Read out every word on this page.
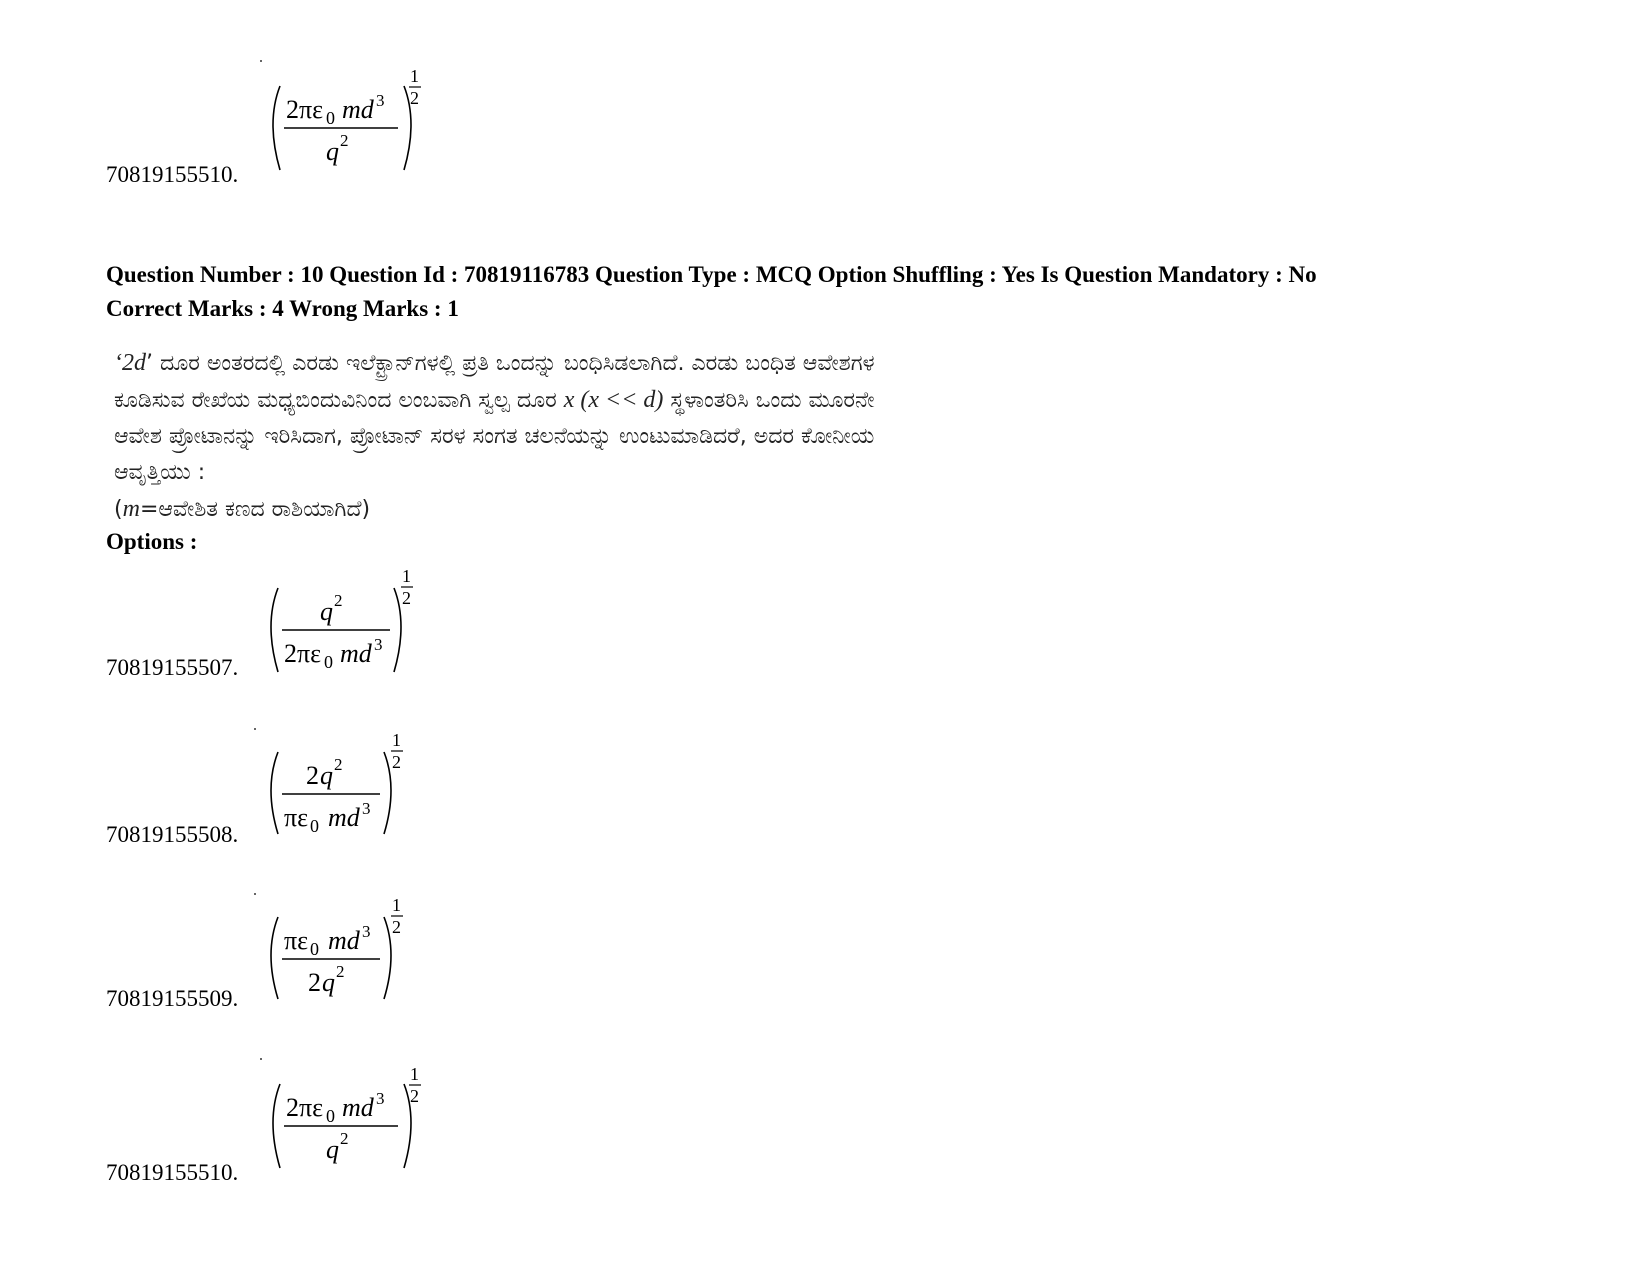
2πε 0 md 3
q 2
1
2
70819155510.
Question Number : 10 Question Id : 70819116783 Question Type : MCQ Option Shuffling : Yes Is Question Mandatory : No
Correct Marks : 4 Wrong Marks : 1

‘2d’ ದೂರ ಅಂತರದಲ್ಲಿ ಎರಡು ಇಲೆಕ್ಟ್ರಾನ್‌ಗಳಲ್ಲಿ ಪ್ರತಿ ಒಂದನ್ನು ಬಂಧಿಸಿಡಲಾಗಿದೆ. ಎರಡು ಬಂಧಿತ ಆವೇಶಗಳ

ಕೂಡಿಸುವ ರೇಖೆಯ ಮಧ್ಯಬಿಂದುವಿನಿಂದ ಲಂಬವಾಗಿ ಸ್ವಲ್ಪ ದೂರ x (x << d) ಸ್ಥಳಾಂತರಿಸಿ ಒಂದು ಮೂರನೇ

ಆವೇಶ ಪ್ರೋಟಾನನ್ನು ಇರಿಸಿದಾಗ, ಪ್ರೋಟಾನ್ ಸರಳ ಸಂಗತ ಚಲನೆಯನ್ನು ಉಂಟುಮಾಡಿದರೆ, ಅದರ ಕೋನೀಯ

ಆವೃತ್ತಿಯು :

(m=ಆವೇಶಿತ ಕಣದ ರಾಶಿಯಾಗಿದೆ)

Options :
q 2
2πε 0 md 3
1
2
70819155507.
2 q 2
πε 0 md 3
1
2
70819155508.
πε 0 md 3
2 q 2
1
2
70819155509.
2πε 0 md 3
q 2
1
2
70819155510.
